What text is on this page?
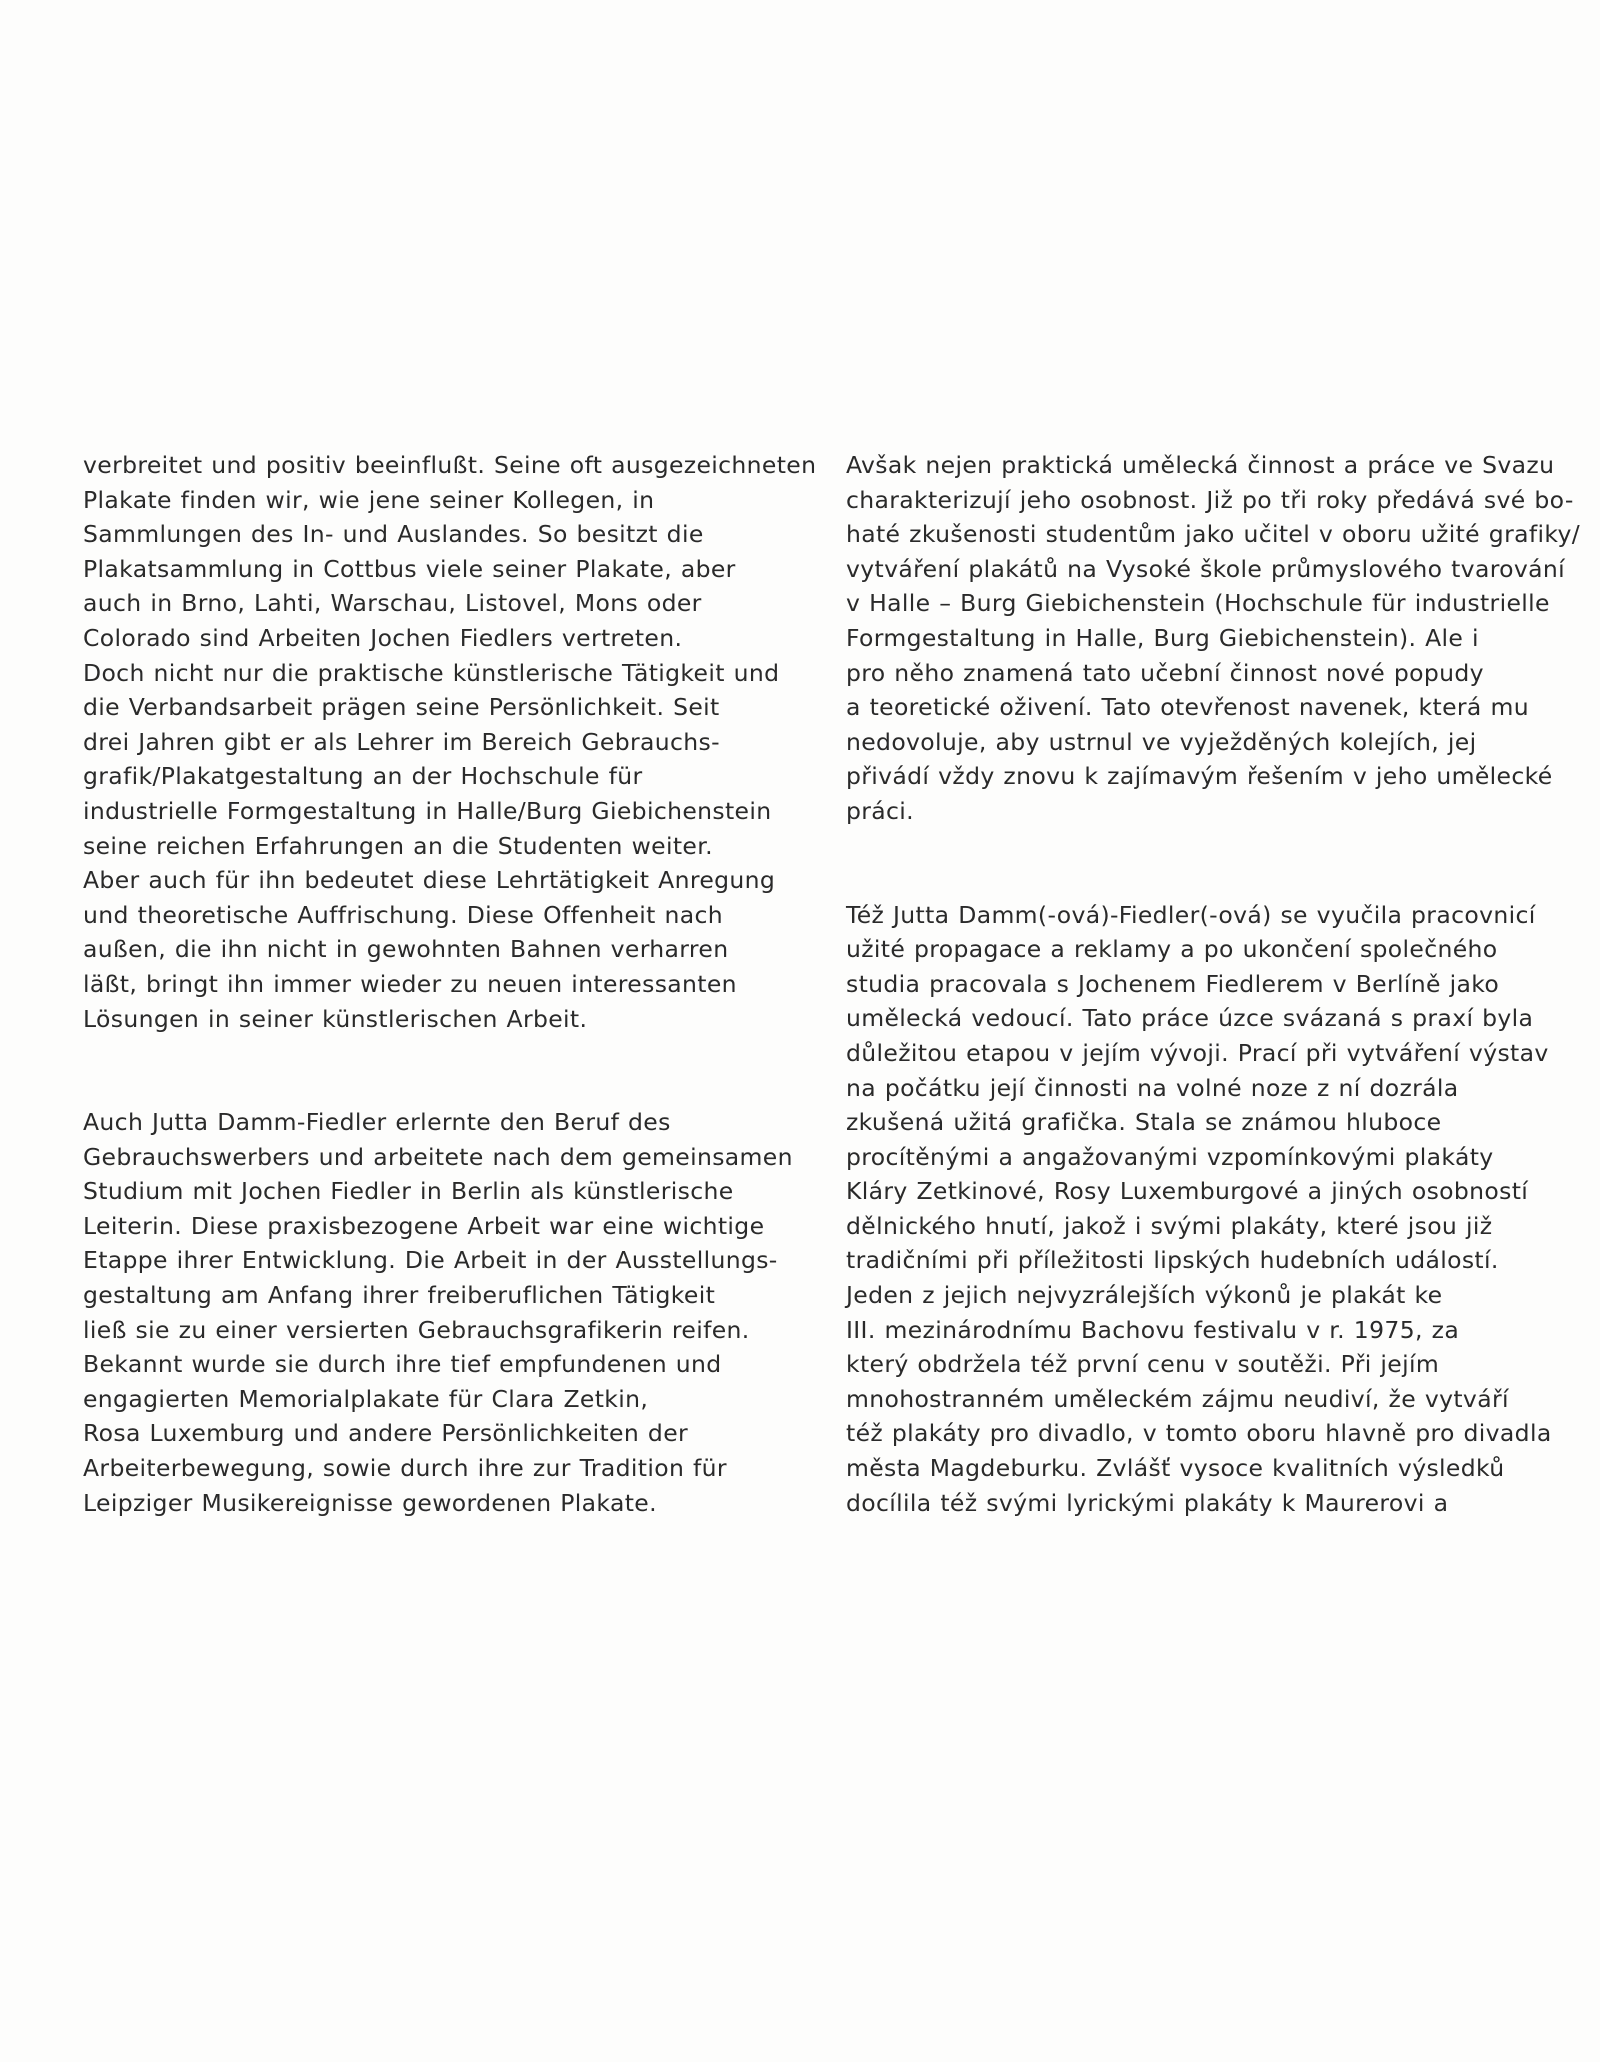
verbreitet und positiv beeinflußt. Seine oft ausgezeichneten
Plakate finden wir, wie jene seiner Kollegen, in
Sammlungen des In- und Auslandes. So besitzt die
Plakatsammlung in Cottbus viele seiner Plakate, aber
auch in Brno, Lahti, Warschau, Listovel, Mons oder
Colorado sind Arbeiten Jochen Fiedlers vertreten.
Doch nicht nur die praktische künstlerische Tätigkeit und
die Verbandsarbeit prägen seine Persönlichkeit. Seit
drei Jahren gibt er als Lehrer im Bereich Gebrauchs-
grafik/Plakatgestaltung an der Hochschule für
industrielle Formgestaltung in Halle/Burg Giebichenstein
seine reichen Erfahrungen an die Studenten weiter.
Aber auch für ihn bedeutet diese Lehrtätigkeit Anregung
und theoretische Auffrischung. Diese Offenheit nach
außen, die ihn nicht in gewohnten Bahnen verharren
läßt, bringt ihn immer wieder zu neuen interessanten
Lösungen in seiner künstlerischen Arbeit.

Auch Jutta Damm-Fiedler erlernte den Beruf des
Gebrauchswerbers und arbeitete nach dem gemeinsamen
Studium mit Jochen Fiedler in Berlin als künstlerische
Leiterin. Diese praxisbezogene Arbeit war eine wichtige
Etappe ihrer Entwicklung. Die Arbeit in der Ausstellungs-
gestaltung am Anfang ihrer freiberuflichen Tätigkeit
ließ sie zu einer versierten Gebrauchsgrafikerin reifen.
Bekannt wurde sie durch ihre tief empfundenen und
engagierten Memorialplakate für Clara Zetkin,
Rosa Luxemburg und andere Persönlichkeiten der
Arbeiterbewegung, sowie durch ihre zur Tradition für
Leipziger Musikereignisse gewordenen Plakate.

Avšak nejen praktická umělecká činnost a práce ve Svazu
charakterizují jeho osobnost. Již po tři roky předává své bo-
haté zkušenosti studentům jako učitel v oboru užité grafiky/
vytváření plakátů na Vysoké škole průmyslového tvarování
v Halle – Burg Giebichenstein (Hochschule für industrielle
Formgestaltung in Halle, Burg Giebichenstein). Ale i
pro něho znamená tato učební činnost nové popudy
a teoretické oživení. Tato otevřenost navenek, která mu
nedovoluje, aby ustrnul ve vyježděných kolejích, jej
přivádí vždy znovu k zajímavým řešením v jeho umělecké
práci.

Též Jutta Damm(-ová)-Fiedler(-ová) se vyučila pracovnicí
užité propagace a reklamy a po ukončení společného
studia pracovala s Jochenem Fiedlerem v Berlíně jako
umělecká vedoucí. Tato práce úzce svázaná s praxí byla
důležitou etapou v jejím vývoji. Prací při vytváření výstav
na počátku její činnosti na volné noze z ní dozrála
zkušená užitá grafička. Stala se známou hluboce
procítěnými a angažovanými vzpomínkovými plakáty
Kláry Zetkinové, Rosy Luxemburgové a jiných osobností
dělnického hnutí, jakož i svými plakáty, které jsou již
tradičními při příležitosti lipských hudebních událostí.
Jeden z jejich nejvyzrálejších výkonů je plakát ke
III. mezinárodnímu Bachovu festivalu v r. 1975, za
který obdržela též první cenu v soutěži. Při jejím
mnohostranném uměleckém zájmu neudiví, že vytváří
též plakáty pro divadlo, v tomto oboru hlavně pro divadla
města Magdeburku. Zvlášť vysoce kvalitních výsledků
docílila též svými lyrickými plakáty k Maurerovi a
